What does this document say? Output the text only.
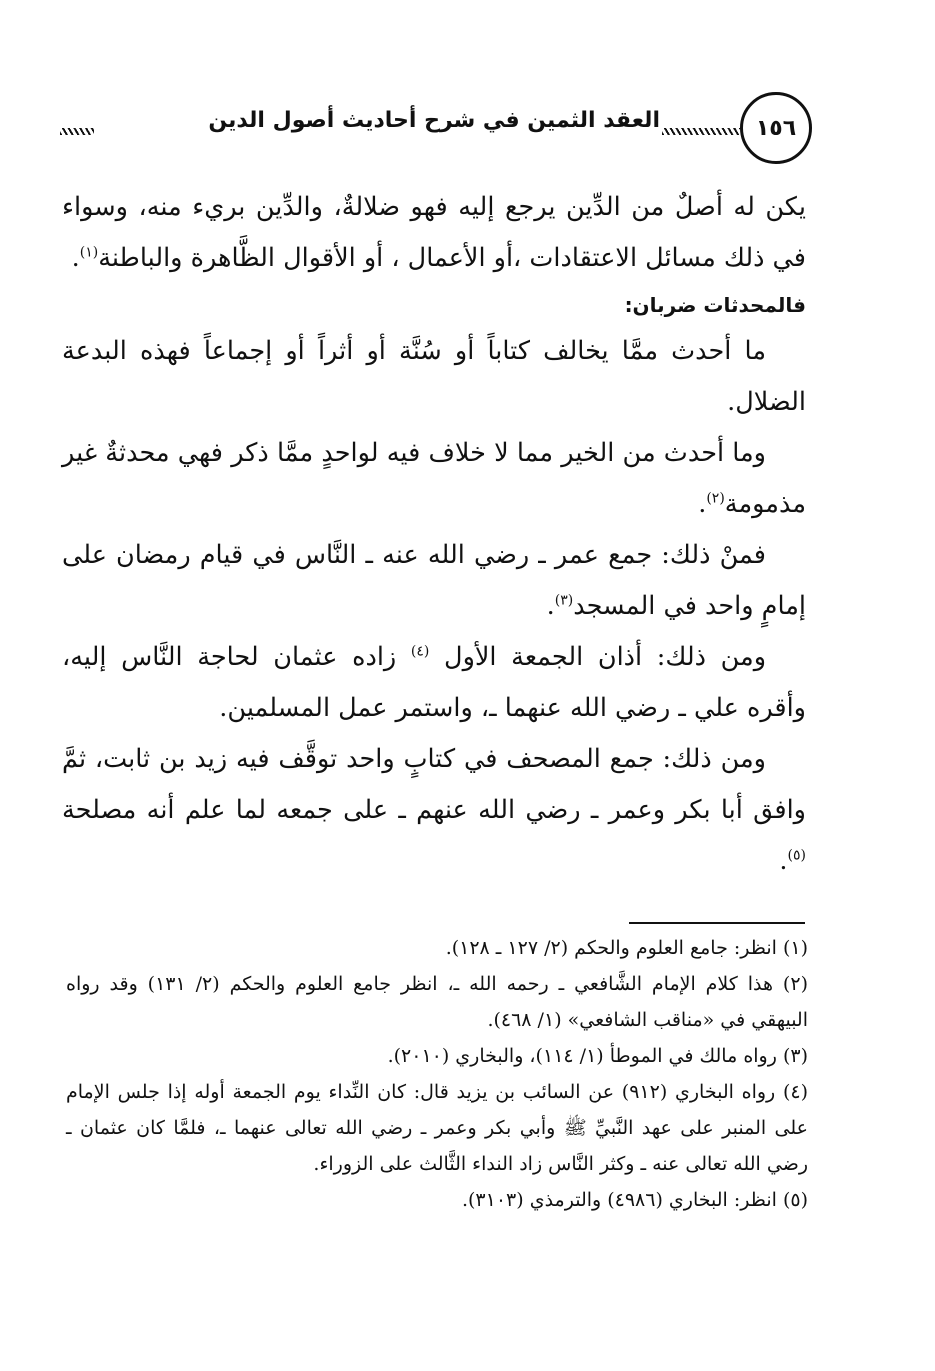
١٥٦
العقد الثمين في شرح أحاديث أصول الدين

يكن له أصلٌ من الدِّين يرجع إليه فهو ضلالةٌ، والدِّين بريء منه، وسواء في ذلك مسائل الاعتقادات ،أو الأعمال ، أو الأقوال الظَّاهرة والباطنة$^{(١)}$.

فالمحدثات ضربان:

ما أحدث ممَّا يخالف كتاباً أو سُنَّة أو أثراً أو إجماعاً فهذه البدعة الضلال.

وما أحدث من الخير مما لا خلاف فيه لواحدٍ ممَّا ذكر فهي محدثةٌ غير مذمومة$^{(٢)}$.

فمنْ ذلك: جمع عمر ـ رضي الله عنه ـ النَّاس في قيام رمضان على إمامٍ واحد في المسجد$^{(٣)}$.

ومن ذلك: أذان الجمعة الأول $^{(٤)}$ زاده عثمان لحاجة النَّاس إليه، وأقره علي ـ رضي الله عنهما ـ، واستمر عمل المسلمين.

ومن ذلك: جمع المصحف في كتابٍ واحد توقَّف فيه زيد بن ثابت، ثمَّ وافق أبا بكر وعمر ـ رضي الله عنهم ـ على جمعه لما علم أنه مصلحة $^{(٥)}$.

(١) انظر: جامع العلوم والحكم (٢/ ١٢٧ ـ ١٢٨).

(٢) هذا كلام الإمام الشَّافعي ـ رحمه الله ـ، انظر جامع العلوم والحكم (٢/ ١٣١) وقد رواه البيهقي في «مناقب الشافعي» (١/ ٤٦٨).

(٣) رواه مالك في الموطأ (١/ ١١٤)، والبخاري (٢٠١٠).

(٤) رواه البخاري (٩١٢) عن السائب بن يزيد قال: كان النِّداء يوم الجمعة أوله إذا جلس الإمام على المنبر على عهد النَّبيِّ ﷺ وأبي بكر وعمر ـ رضي الله تعالى عنهما ـ، فلمَّا كان عثمان ـ رضي الله تعالى عنه ـ وكثر النَّاس زاد النداء الثَّالث على الزوراء.

(٥) انظر: البخاري (٤٩٨٦) والترمذي (٣١٠٣).
